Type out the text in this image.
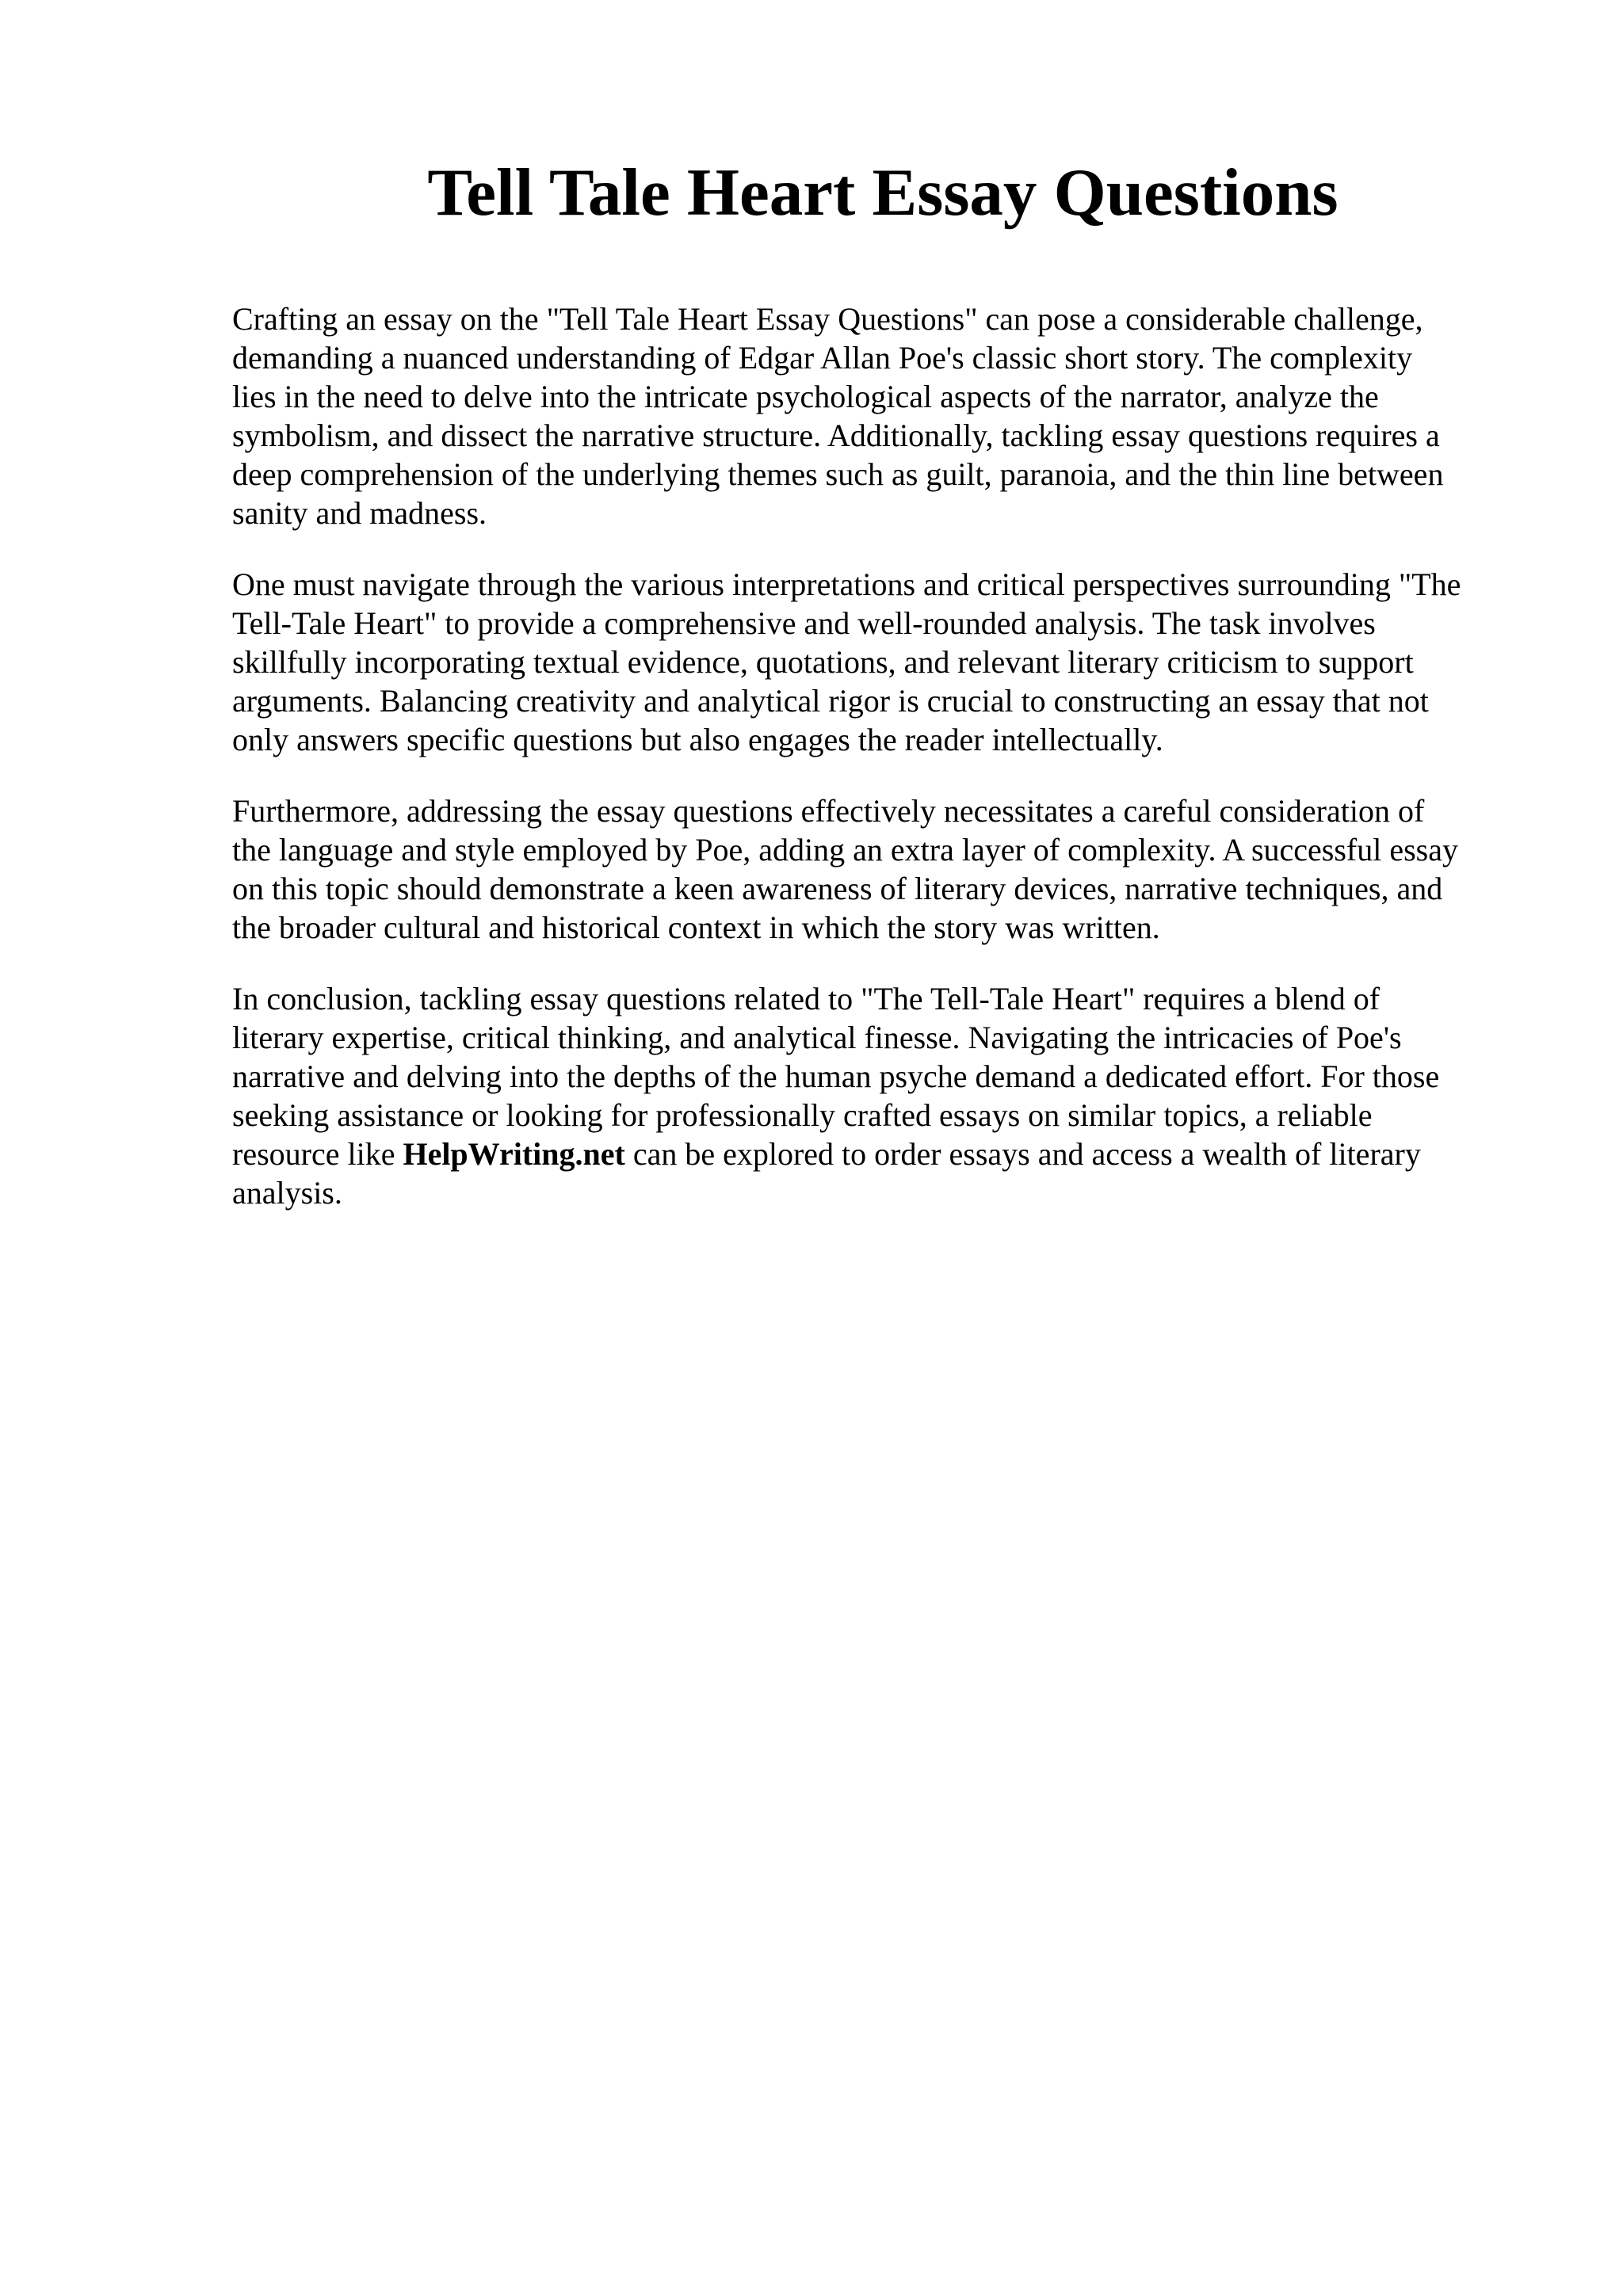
Tell Tale Heart Essay Questions

Crafting an essay on the "Tell Tale Heart Essay Questions" can pose a considerable challenge,
demanding a nuanced understanding of Edgar Allan Poe's classic short story. The complexity
lies in the need to delve into the intricate psychological aspects of the narrator, analyze the
symbolism, and dissect the narrative structure. Additionally, tackling essay questions requires a
deep comprehension of the underlying themes such as guilt, paranoia, and the thin line between
sanity and madness.

One must navigate through the various interpretations and critical perspectives surrounding "The
Tell-Tale Heart" to provide a comprehensive and well-rounded analysis. The task involves
skillfully incorporating textual evidence, quotations, and relevant literary criticism to support
arguments. Balancing creativity and analytical rigor is crucial to constructing an essay that not
only answers specific questions but also engages the reader intellectually.

Furthermore, addressing the essay questions effectively necessitates a careful consideration of
the language and style employed by Poe, adding an extra layer of complexity. A successful essay
on this topic should demonstrate a keen awareness of literary devices, narrative techniques, and
the broader cultural and historical context in which the story was written.

In conclusion, tackling essay questions related to "The Tell-Tale Heart" requires a blend of
literary expertise, critical thinking, and analytical finesse. Navigating the intricacies of Poe's
narrative and delving into the depths of the human psyche demand a dedicated effort. For those
seeking assistance or looking for professionally crafted essays on similar topics, a reliable
resource like HelpWriting.net can be explored to order essays and access a wealth of literary
analysis.
